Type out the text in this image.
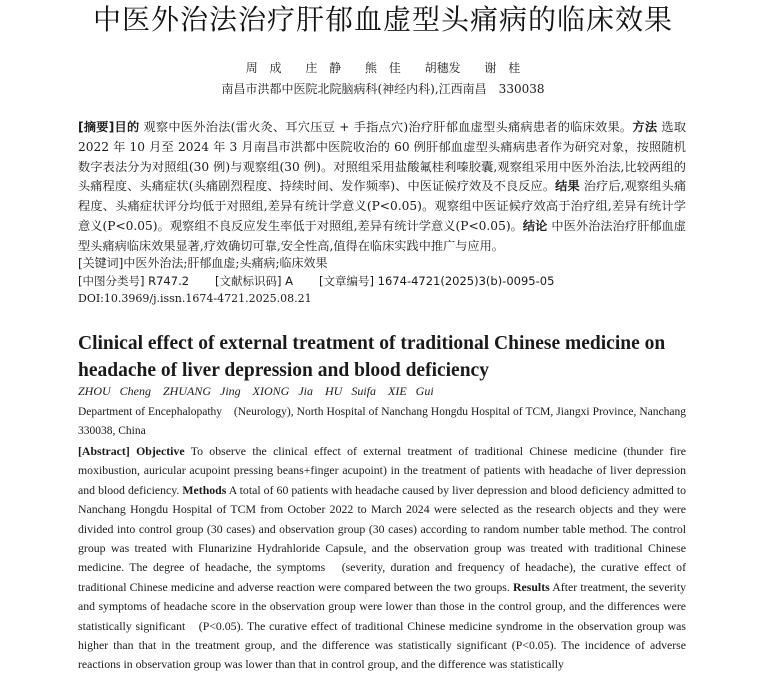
中医外治法治疗肝郁血虚型头痛病的临床效果
周 成　 庄 静　 熊 佳　 胡穗发　 谢 桂
南昌市洪都中医院北院脑病科(神经内科),江西南昌　330038
[摘要]目的 观察中医外治法(雷火灸、耳穴压豆 + 手指点穴)治疗肝郁血虚型头痛病患者的临床效果。方法 选取 2022 年 10 月至 2024 年 3 月南昌市洪都中医院收治的 60 例肝郁血虚型头痛病患者作为研究对象，按照随机数字表法分为对照组(30 例)与观察组(30 例)。对照组采用盐酸氟桂利嗪胶囊,观察组采用中医外治法,比较两组的头痛程度、头痛症状(头痛剧烈程度、持续时间、发作频率)、中医证候疗效及不良反应。结果 治疗后,观察组头痛程度、头痛症状评分均低于对照组,差异有统计学意义(P<0.05)。观察组中医证候疗效高于治疗组,差异有统计学意义(P<0.05)。观察组不良反应发生率低于对照组,差异有统计学意义(P<0.05)。结论 中医外治法治疗肝郁血虚型头痛病临床效果显著,疗效确切可靠,安全性高,值得在临床实践中推广与应用。
[关键词]中医外治法;肝郁血虚;头痛病;临床效果
[中图分类号] R747.2 [文献标识码] A [文章编号] 1674-4721(2025)3(b)-0095-05
DOI:10.3969/j.issn.1674-4721.2025.08.21
Clinical effect of external treatment of traditional Chinese medicine on headache of liver depression and blood deficiency
ZHOU Cheng　ZHUANG Jing　XIONG Jia　HU Suifa　XIE Gui
Department of Encephalopathy　(Neurology), North Hospital of Nanchang Hongdu Hospital of TCM, Jiangxi Province, Nanchang　330038, China
[Abstract] Objective To observe the clinical effect of external treatment of traditional Chinese medicine (thunder fire moxibustion, auricular acupoint pressing beans+finger acupoint) in the treatment of patients with headache of liver depression and blood deficiency. Methods A total of 60 patients with headache caused by liver depression and blood deficiency admitted to Nanchang Hongdu Hospital of TCM from October 2022 to March 2024 were selected as the research objects and they were divided into control group (30 cases) and observation group (30 cases) according to random number table method. The control group was treated with Flunarizine Hydrahloride Capsule, and the observation group was treated with traditional Chinese medicine. The degree of headache, the symptoms　(severity, duration and frequency of headache), the curative effect of traditional Chinese medicine and adverse reaction were compared between the two groups. Results After treatment, the severity and symptoms of headache score in the observation group were lower than those in the control group, and the differences were statistically significant　(P<0.05). The curative effect of traditional Chinese medicine syndrome in the observation group was higher than that in the treatment group, and the difference was statistically significant (P<0.05). The incidence of adverse reactions in observation group was lower than that in control group, and the difference was statistically
